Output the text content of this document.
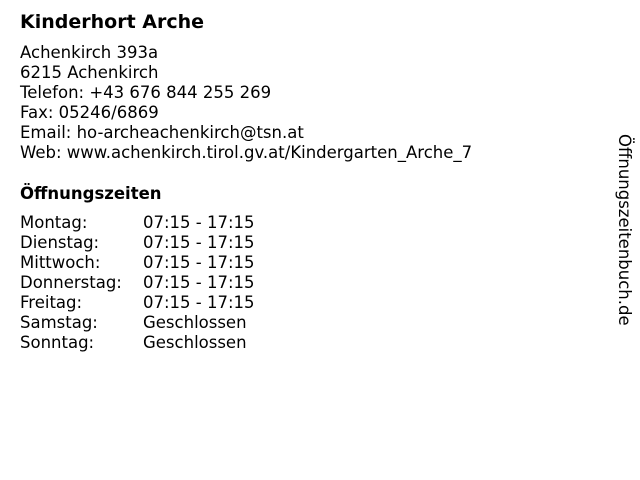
Kinderhort Arche
Achenkirch 393a
6215 Achenkirch
Telefon: +43 676 844 255 269
Fax: 05246/6869
Email: ho-archeachenkirch@tsn.at
Web: www.achenkirch.tirol.gv.at/Kindergarten_Arche_7
Öffnungszeiten
Montag:	07:15 - 17:15
Dienstag:	07:15 - 17:15
Mittwoch:	07:15 - 17:15
Donnerstag:	07:15 - 17:15
Freitag:	07:15 - 17:15
Samstag:	Geschlossen
Sonntag:	Geschlossen
Öffnungszeitenbuch.de
